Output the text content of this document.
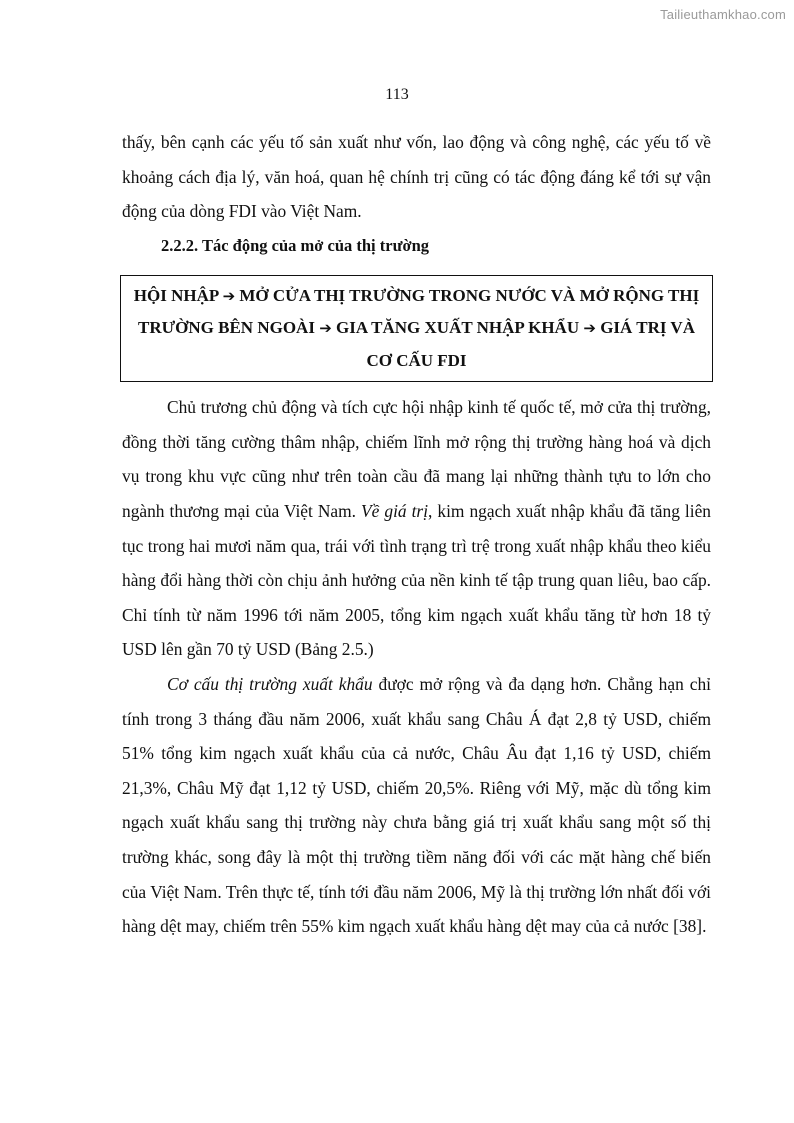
Tailieuthamkhao.com
113

thấy, bên cạnh các yếu tố sản xuất như vốn, lao động và công nghệ, các yếu tố về khoảng cách địa lý, văn hoá, quan hệ chính trị cũng có tác động đáng kể tới sự vận động của dòng FDI vào Việt Nam.

2.2.2. Tác động của mở của thị trường

HỘI NHẬP ➔ MỞ CỬA THỊ TRƯỜNG TRONG NƯỚC VÀ MỞ RỘNG THỊ TRƯỜNG BÊN NGOÀI ➔ GIA TĂNG XUẤT NHẬP KHẨU ➔ GIÁ TRỊ VÀ CƠ CẤU FDI

Chủ trương chủ động và tích cực hội nhập kinh tế quốc tế, mở cửa thị trường, đồng thời tăng cường thâm nhập, chiếm lĩnh mở rộng thị trường hàng hoá và dịch vụ trong khu vực cũng như trên toàn cầu đã mang lại những thành tựu to lớn cho ngành thương mại của Việt Nam. Về giá trị, kim ngạch xuất nhập khẩu đã tăng liên tục trong hai mươi năm qua, trái với tình trạng trì trệ trong xuất nhập khẩu theo kiểu hàng đổi hàng thời còn chịu ảnh hưởng của nền kinh tế tập trung quan liêu, bao cấp. Chỉ tính từ năm 1996 tới năm 2005, tổng kim ngạch xuất khẩu tăng từ hơn 18 tỷ USD lên gần 70 tỷ USD (Bảng 2.5.)

Cơ cấu thị trường xuất khẩu được mở rộng và đa dạng hơn. Chẳng hạn chỉ tính trong 3 tháng đầu năm 2006, xuất khẩu sang Châu Á đạt 2,8 tỷ USD, chiếm 51% tổng kim ngạch xuất khẩu của cả nước, Châu Âu đạt 1,16 tỷ USD, chiếm 21,3%, Châu Mỹ đạt 1,12 tỷ USD, chiếm 20,5%. Riêng với Mỹ, mặc dù tổng kim ngạch xuất khẩu sang thị trường này chưa bằng giá trị xuất khẩu sang một số thị trường khác, song đây là một thị trường tiềm năng đối với các mặt hàng chế biến của Việt Nam. Trên thực tế, tính tới đầu năm 2006, Mỹ là thị trường lớn nhất đối với hàng dệt may, chiếm trên 55% kim ngạch xuất khẩu hàng dệt may của cả nước [38].
